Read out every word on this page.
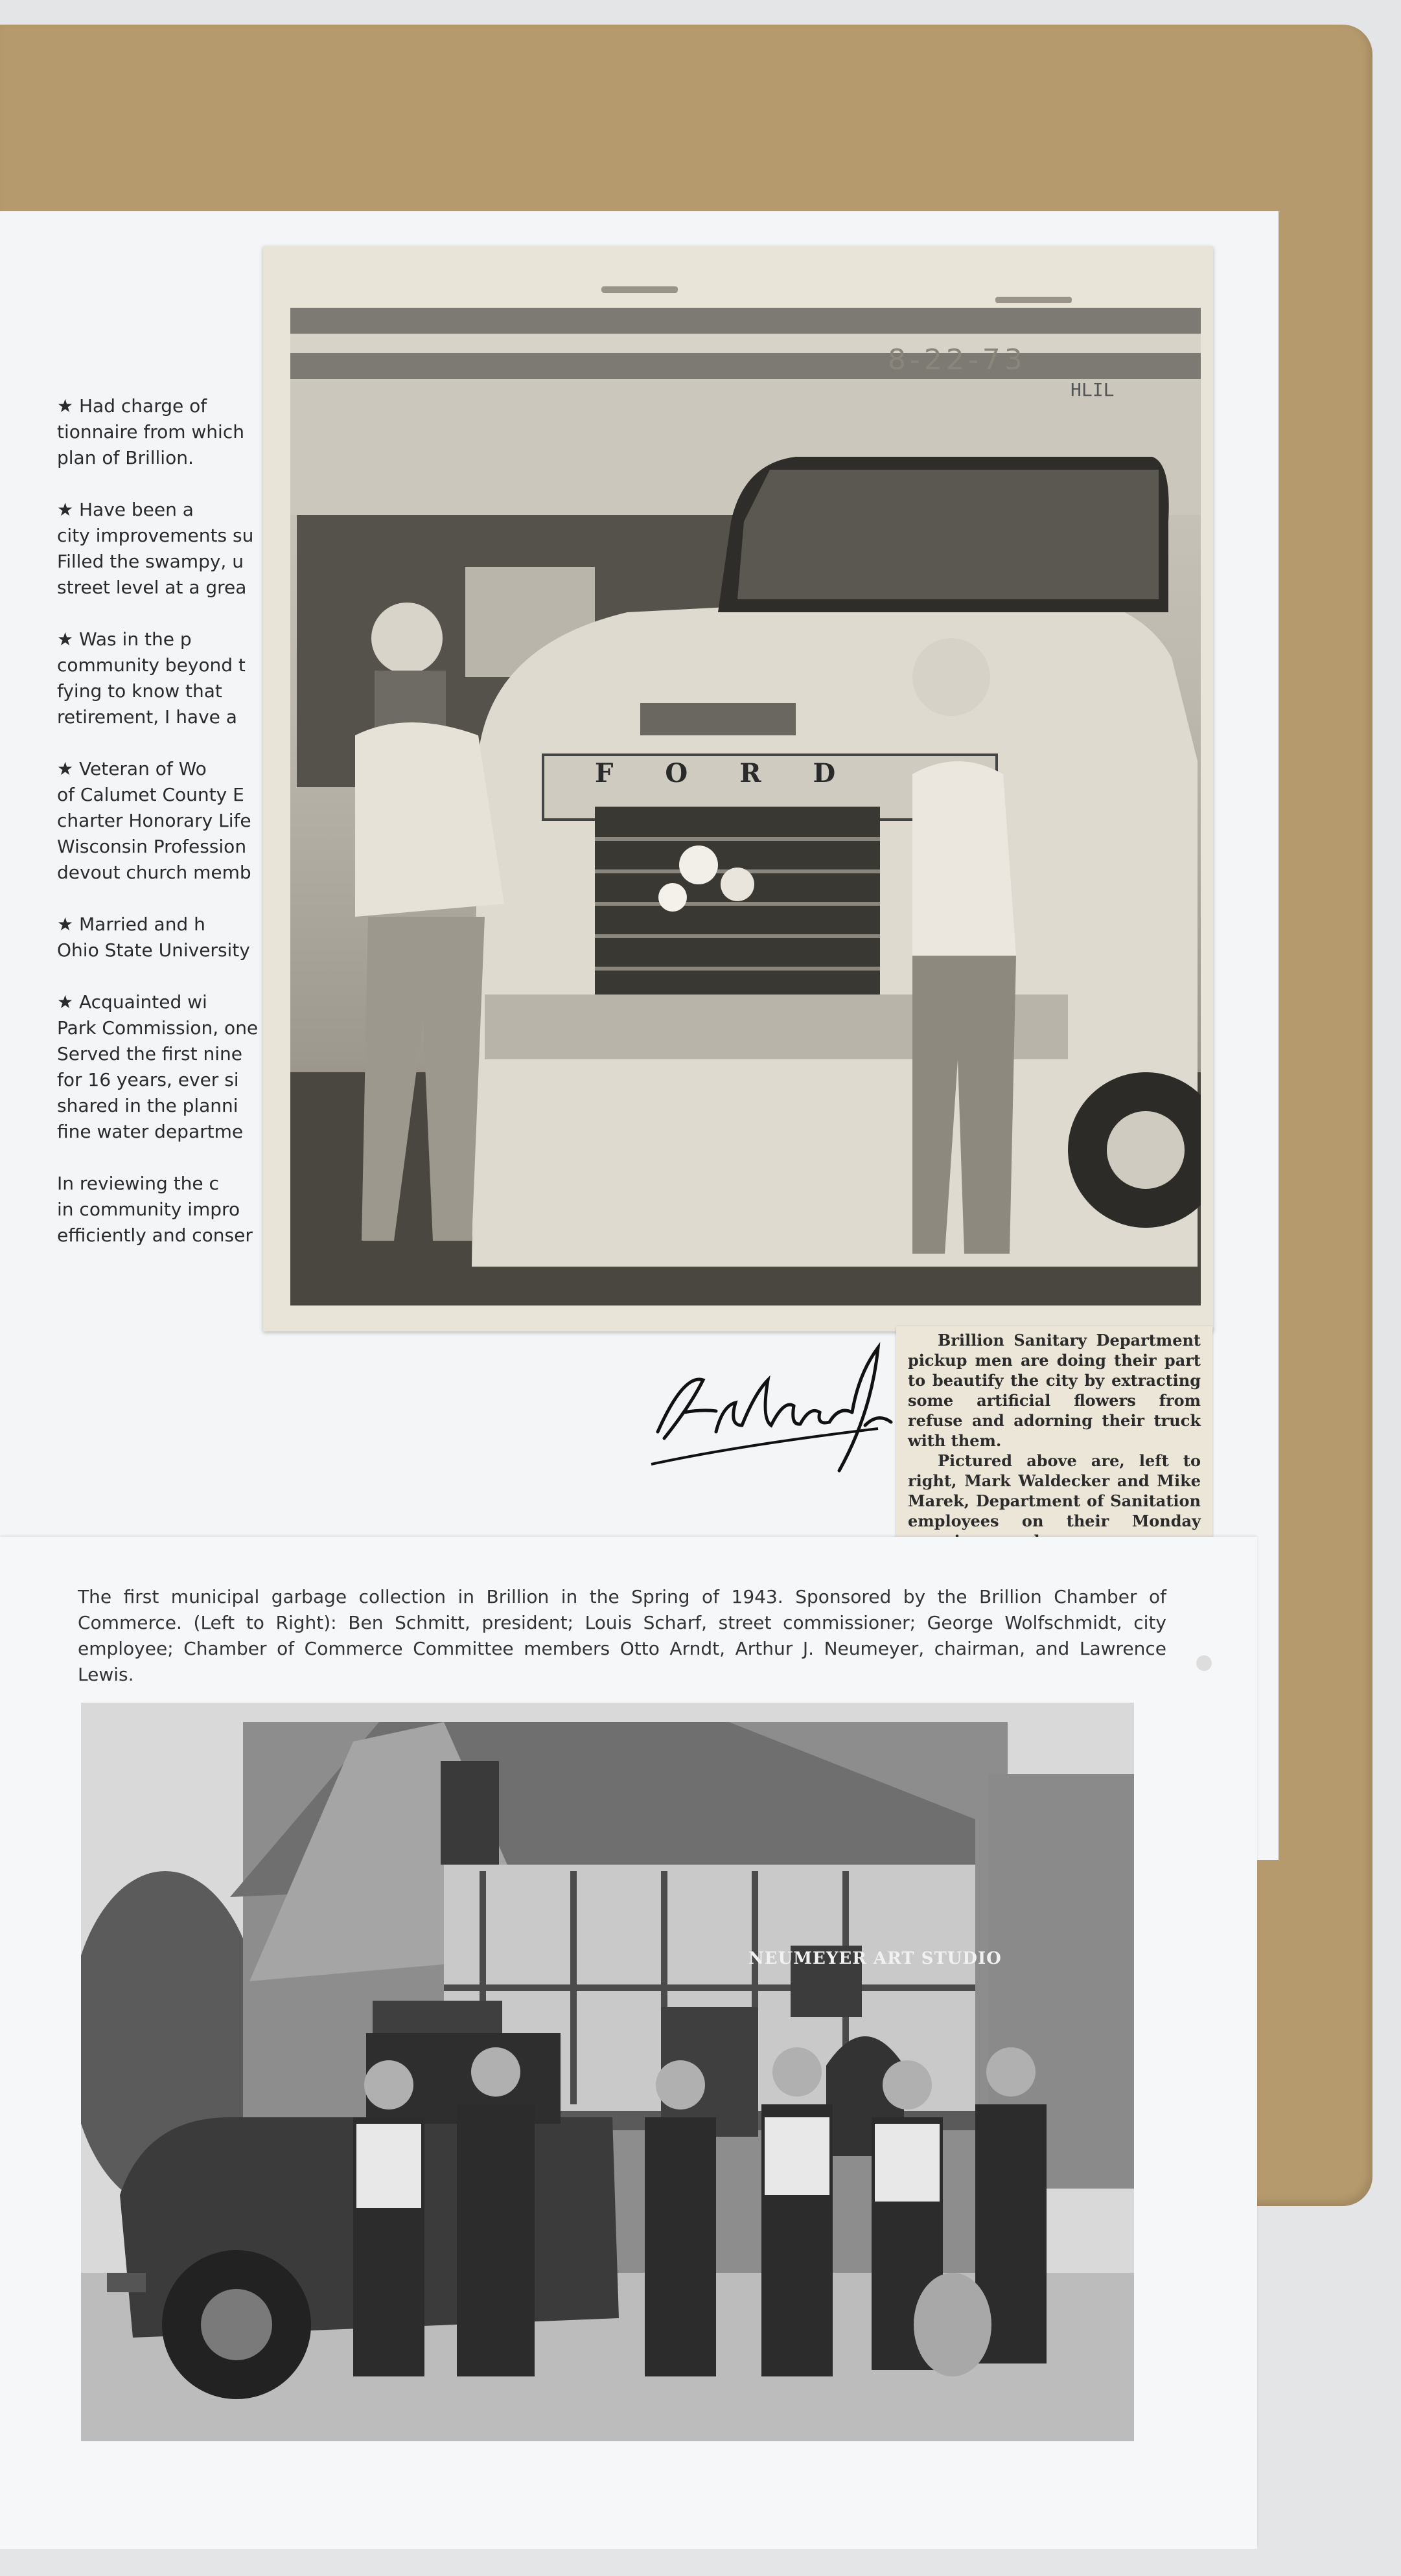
★ Had charge of
tionnaire from which
plan of Brillion.
★ Have been a
city improvements su
Filled the swampy, u
street level at a grea
★ Was in the p
community beyond t
fying to know that
retirement, I have a
★ Veteran of Wo
of Calumet County E
charter Honorary Life
Wisconsin Profession
devout church memb
★ Married and h
Ohio State University
★ Acquainted wi
Park Commission, one
Served the first nine
for 16 years, ever si
shared in the planni
fine water departme
In reviewing the c
in community impro
efficiently and conser
FORD
8-22-73
HLIL

Brillion Sanitary Department pickup men are doing their part to beautify the city by extracting some artificial flowers from refuse and adorning their truck with them.

Pictured above are, left to right, Mark Waldecker and Mike Marek, Department of Sanitation employees on their Monday

The first municipal garbage collection in Brillion in the Spring of 1943. Sponsored by the Brillion Chamber of Commerce. (Left to Right): Ben Schmitt, president; Louis Scharf, street commissioner; George Wolfschmidt, city employee; Chamber of Commerce Committee members Otto Arndt, Arthur J. Neumeyer, chairman, and Lawrence Lewis.

NEUMEYER ART STUDIO
